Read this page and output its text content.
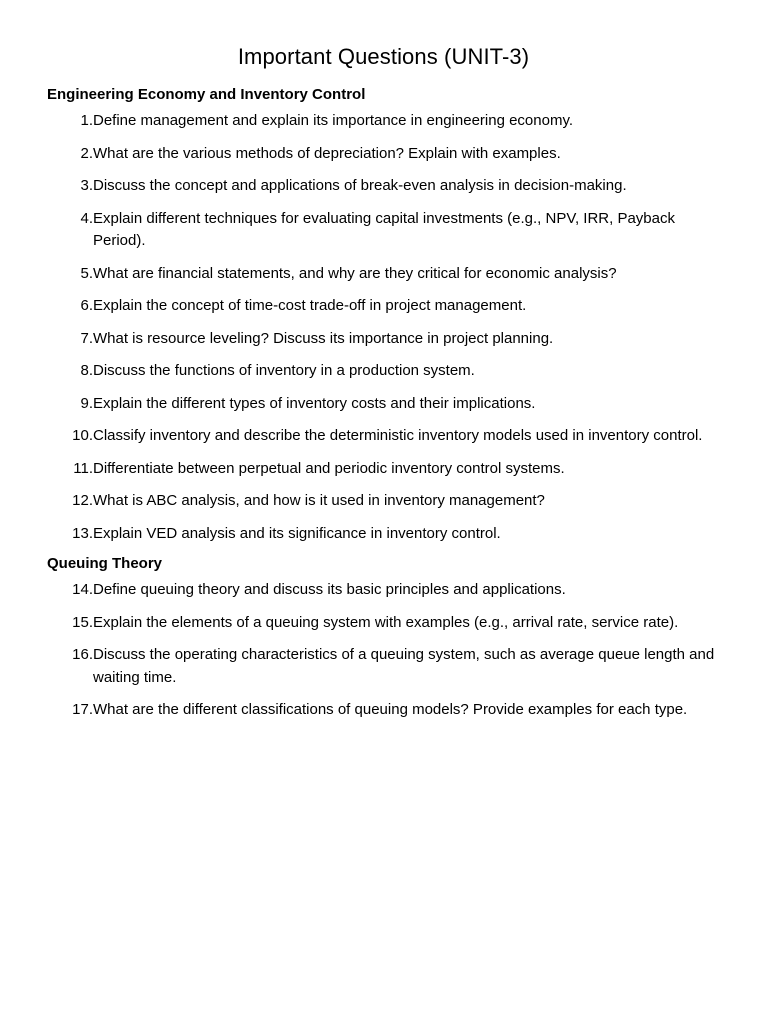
Important Questions (UNIT-3)
Engineering Economy and Inventory Control
1. Define management and explain its importance in engineering economy.
2. What are the various methods of depreciation? Explain with examples.
3. Discuss the concept and applications of break-even analysis in decision-making.
4. Explain different techniques for evaluating capital investments (e.g., NPV, IRR, Payback Period).
5. What are financial statements, and why are they critical for economic analysis?
6. Explain the concept of time-cost trade-off in project management.
7. What is resource leveling? Discuss its importance in project planning.
8. Discuss the functions of inventory in a production system.
9. Explain the different types of inventory costs and their implications.
10. Classify inventory and describe the deterministic inventory models used in inventory control.
11. Differentiate between perpetual and periodic inventory control systems.
12. What is ABC analysis, and how is it used in inventory management?
13. Explain VED analysis and its significance in inventory control.
Queuing Theory
14. Define queuing theory and discuss its basic principles and applications.
15. Explain the elements of a queuing system with examples (e.g., arrival rate, service rate).
16. Discuss the operating characteristics of a queuing system, such as average queue length and waiting time.
17. What are the different classifications of queuing models? Provide examples for each type.
